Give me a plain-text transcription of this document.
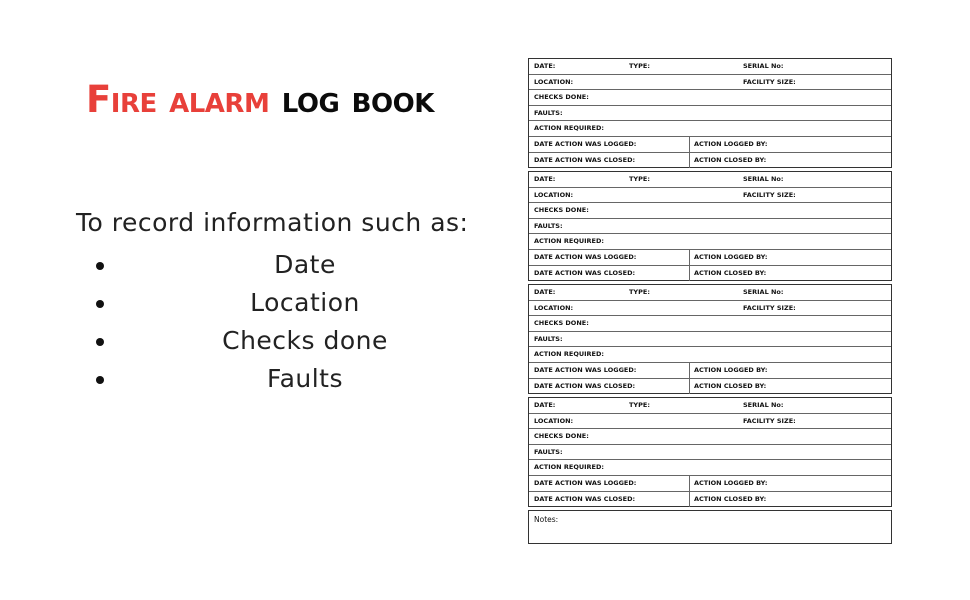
Fire alarm log book
To record information such as:
Date
Location
Checks done
Faults
DATE:	TYPE:	SERIAL No:
LOCATION:	FACILITY SIZE:
CHECKS DONE:
FAULTS:
ACTION REQUIRED:
DATE ACTION WAS LOGGED:	ACTION LOGGED BY:
DATE ACTION WAS CLOSED:	ACTION CLOSED BY:
DATE:	TYPE:	SERIAL No:
LOCATION:	FACILITY SIZE:
CHECKS DONE:
FAULTS:
ACTION REQUIRED:
DATE ACTION WAS LOGGED:	ACTION LOGGED BY:
DATE ACTION WAS CLOSED:	ACTION CLOSED BY:
DATE:	TYPE:	SERIAL No:
LOCATION:	FACILITY SIZE:
CHECKS DONE:
FAULTS:
ACTION REQUIRED:
DATE ACTION WAS LOGGED:	ACTION LOGGED BY:
DATE ACTION WAS CLOSED:	ACTION CLOSED BY:
DATE:	TYPE:	SERIAL No:
LOCATION:	FACILITY SIZE:
CHECKS DONE:
FAULTS:
ACTION REQUIRED:
DATE ACTION WAS LOGGED:	ACTION LOGGED BY:
DATE ACTION WAS CLOSED:	ACTION CLOSED BY:
Notes:
